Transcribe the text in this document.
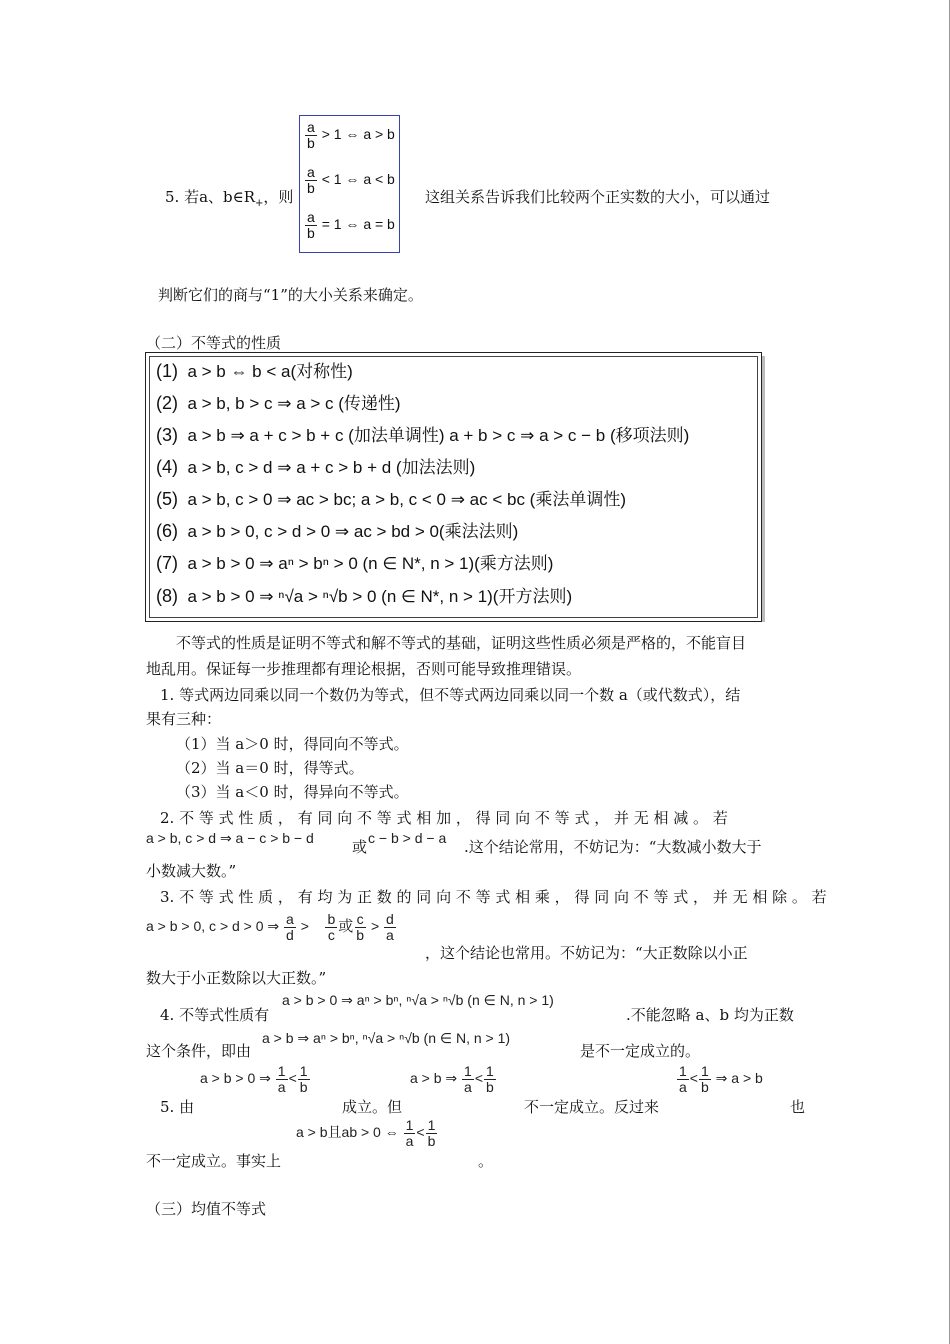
5. 若a、$b\in R_+$，则
$\frac{a}{b} > 1$ ⇔ a > b
$\frac{a}{b} < 1$ ⇔ a < b
$\frac{a}{b} = 1$ ⇔ a = b
这组关系告诉我们比较两个正实数的大小，可以通过
判断它们的商与“1”的大小关系来确定。
（二）不等式的性质
(1) a > b ⇔ b < a(对称性)
(2) a > b, b > c ⇒ a > c (传递性)
(3) a > b ⇒ a + c > b + c (加法单调性) a + b > c ⇒ a > c − b (移项法则)
(4) a > b, c > d ⇒ a + c > b + d (加法法则)
(5) a > b, c > 0 ⇒ ac > bc; a > b, c < 0 ⇒ ac < bc (乘法单调性)
(6) a > b > 0, c > d > 0 ⇒ ac > bd > 0(乘法法则)
(7) a > b > 0 ⇒ aⁿ > bⁿ > 0 (n ∈ N*, n > 1)(乘方法则)
(8) a > b > 0 ⇒ ⁿ√a > ⁿ√b > 0 (n ∈ N*, n > 1)(开方法则)
不等式的性质是证明不等式和解不等式的基础，证明这些性质必须是严格的，不能盲目
地乱用。保证每一步推理都有理论根据，否则可能导致推理错误。
1. 等式两边同乘以同一个数仍为等式，但不等式两边同乘以同一个数 a（或代数式），结
果有三种：
（1）当 a＞0 时，得同向不等式。
（2）当 a＝0 时，得等式。
（3）当 a＜0 时，得异向不等式。
2. 不 等 式 性 质 ， 有 同 向 不 等 式 相 加 ， 得 同 向 不 等 式 ， 并 无 相 减 。 若
a > b, c > d ⇒ a − c > b − d	或 c − b > d − a .这个结论常用，不妨记为：“大数减小数大于
小数减大数。”
3. 不 等 式 性 质 ， 有 均 为 正 数 的 同 向 不 等 式 相 乘 ， 得 同 向 不 等 式 ， 并 无 相 除 。 若
a > b > 0, c > d > 0 ⇒ $\frac{a}{d} > \frac{b}{c}$ 或 $\frac{c}{b} > \frac{d}{a}$
，这个结论也常用。不妨记为：“大正数除以小正
数大于小正数除以大正数。”
4. 不等式性质有
a > b > 0 ⇒ aⁿ > bⁿ, ⁿ√a > ⁿ√b (n ∈ N, n > 1)
.不能忽略 a、b 均为正数
这个条件，即由
a > b ⇒ aⁿ > bⁿ, ⁿ√a > ⁿ√b (n ∈ N, n > 1)
是不一定成立的。
5. 由
a > b > 0 ⇒ $\frac{1}{a} < \frac{1}{b}$
成立。但
a > b ⇒ $\frac{1}{a} < \frac{1}{b}$
不一定成立。反过来
$\frac{1}{a} < \frac{1}{b}$ ⇒ a > b
也
不一定成立。事实上
a > b且ab > 0 ⇔ $\frac{1}{a} < \frac{1}{b}$
。
（三）均值不等式
